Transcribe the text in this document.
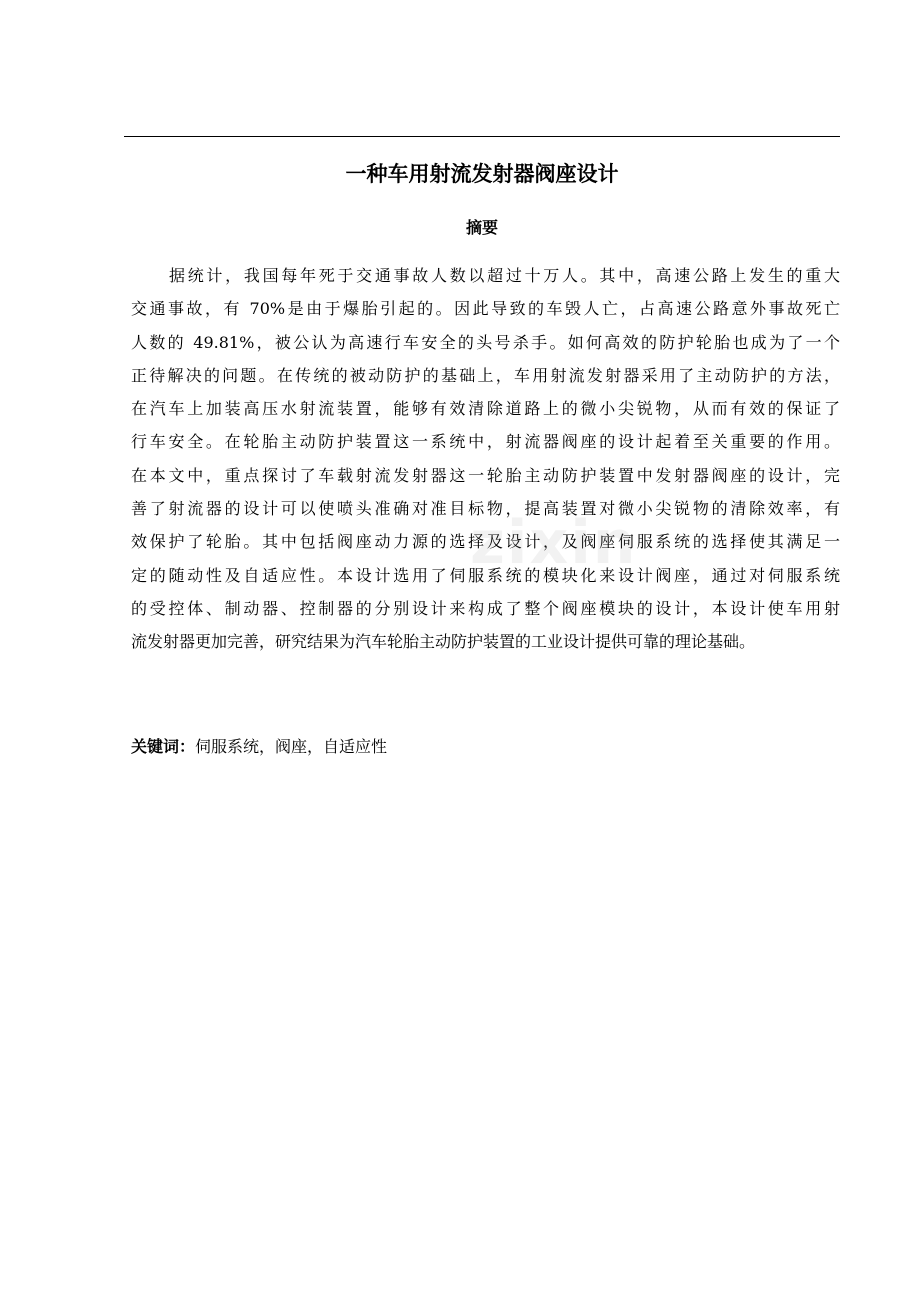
一种车用射流发射器阀座设计
摘要

据统计，我国每年死于交通事故人数以超过十万人。其中，高速公路上发生的重大
交通事故，有 70%是由于爆胎引起的。因此导致的车毁人亡，占高速公路意外事故死亡
人数的 49.81%，被公认为高速行车安全的头号杀手。如何高效的防护轮胎也成为了一个
正待解决的问题。在传统的被动防护的基础上，车用射流发射器采用了主动防护的方法，
在汽车上加装高压水射流装置，能够有效清除道路上的微小尖锐物，从而有效的保证了
行车安全。在轮胎主动防护装置这一系统中，射流器阀座的设计起着至关重要的作用。
在本文中，重点探讨了车载射流发射器这一轮胎主动防护装置中发射器阀座的设计，完
善了射流器的设计可以使喷头准确对准目标物，提高装置对微小尖锐物的清除效率，有
效保护了轮胎。其中包括阀座动力源的选择及设计，及阀座伺服系统的选择使其满足一
定的随动性及自适应性。本设计选用了伺服系统的模块化来设计阀座，通过对伺服系统
的受控体、制动器、控制器的分别设计来构成了整个阀座模块的设计，本设计使车用射
流发射器更加完善，研究结果为汽车轮胎主动防护装置的工业设计提供可靠的理论基础。

关键词：伺服系统，阀座，自适应性

zixin
